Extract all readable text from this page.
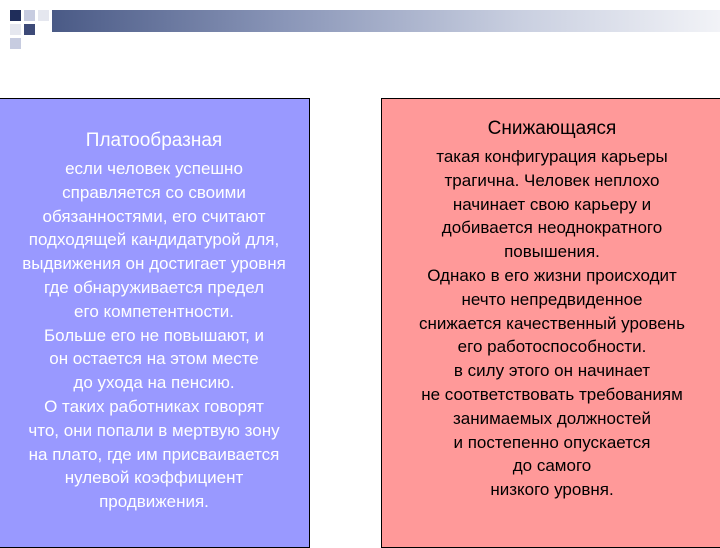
Платообразная

если человек успешно
справляется со своими
обязанностями, его считают
подходящей кандидатурой для,
выдвижения он достигает уровня
где обнаруживается предел
его компетентности.
Больше его не повышают, и
он остается на этом месте
до ухода на пенсию.
О таких работниках говорят
что, они попали в мертвую зону
на плато, где им присваивается
нулевой коэффициент
продвижения.

Снижающаяся

такая конфигурация карьеры
трагична. Человек неплохо
начинает свою карьеру и
добивается неоднократного
повышения.
Однако в его жизни происходит
нечто непредвиденное
снижается качественный уровень
его работоспособности.
в силу этого он начинает
не соответствовать требованиям
занимаемых должностей
и постепенно опускается
до самого
низкого уровня.
